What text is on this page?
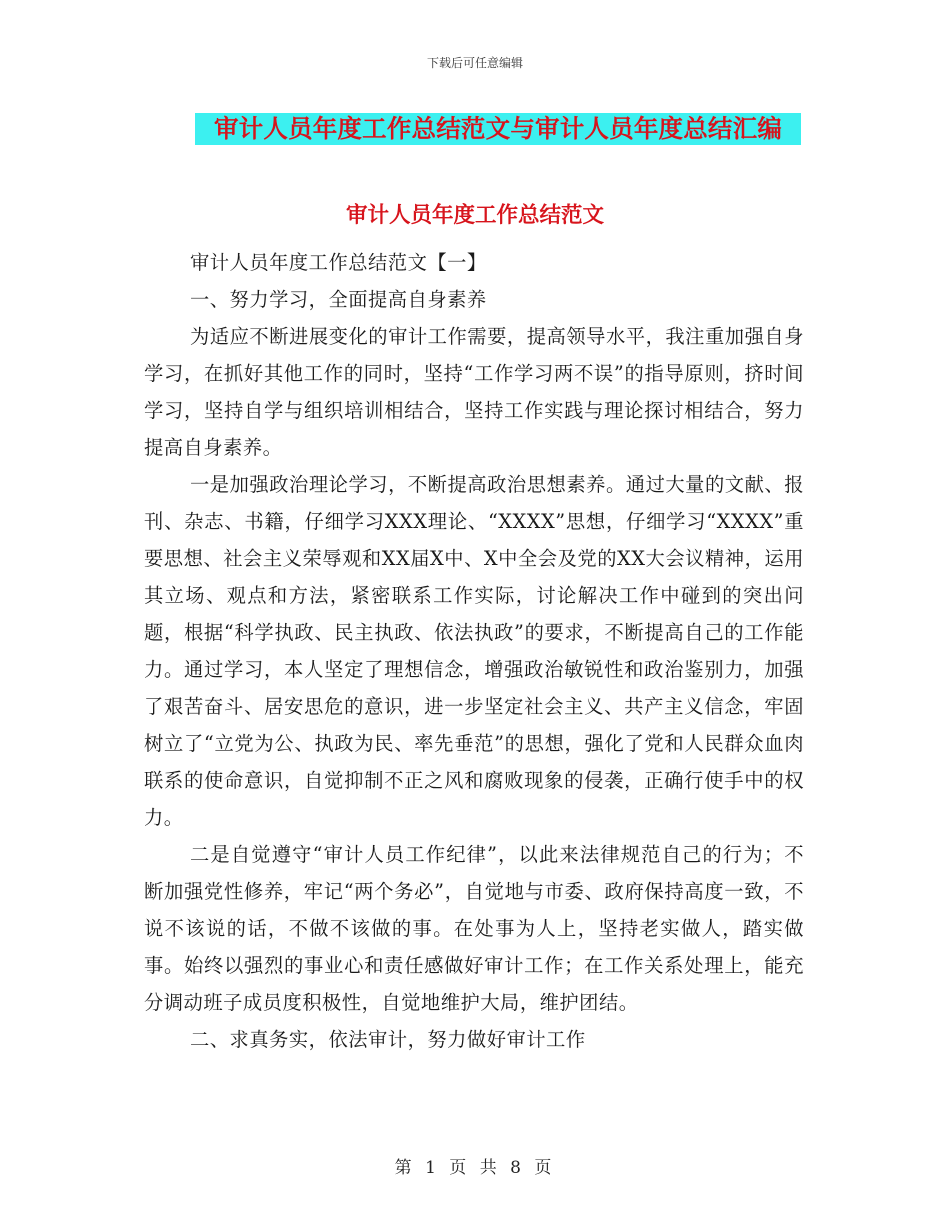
下载后可任意编辑
审计人员年度工作总结范文与审计人员年度总结汇编
审计人员年度工作总结范文

审计人员年度工作总结范文【一】

一、努力学习，全面提高自身素养

为适应不断进展变化的审计工作需要，提高领导水平，我注重加强自身学习，在抓好其他工作的同时，坚持“工作学习两不误”的指导原则，挤时间学习，坚持自学与组织培训相结合，坚持工作实践与理论探讨相结合，努力提高自身素养。

一是加强政治理论学习，不断提高政治思想素养。通过大量的文献、报刊、杂志、书籍，仔细学习XXX理论、“XXXX”思想，仔细学习“XXXX”重要思想、社会主义荣辱观和XX届X中、X中全会及党的XX大会议精神，运用其立场、观点和方法，紧密联系工作实际，讨论解决工作中碰到的突出问题，根据“科学执政、民主执政、依法执政”的要求，不断提高自己的工作能力。通过学习，本人坚定了理想信念，增强政治敏锐性和政治鉴别力，加强了艰苦奋斗、居安思危的意识，进一步坚定社会主义、共产主义信念，牢固树立了“立党为公、执政为民、率先垂范”的思想，强化了党和人民群众血肉联系的使命意识，自觉抑制不正之风和腐败现象的侵袭，正确行使手中的权力。

二是自觉遵守“审计人员工作纪律”，以此来法律规范自己的行为；不断加强党性修养，牢记“两个务必”，自觉地与市委、政府保持高度一致，不说不该说的话，不做不该做的事。在处事为人上，坚持老实做人，踏实做事。始终以强烈的事业心和责任感做好审计工作；在工作关系处理上，能充分调动班子成员度积极性，自觉地维护大局，维护团结。

二、求真务实，依法审计，努力做好审计工作

第 1 页 共 8 页
